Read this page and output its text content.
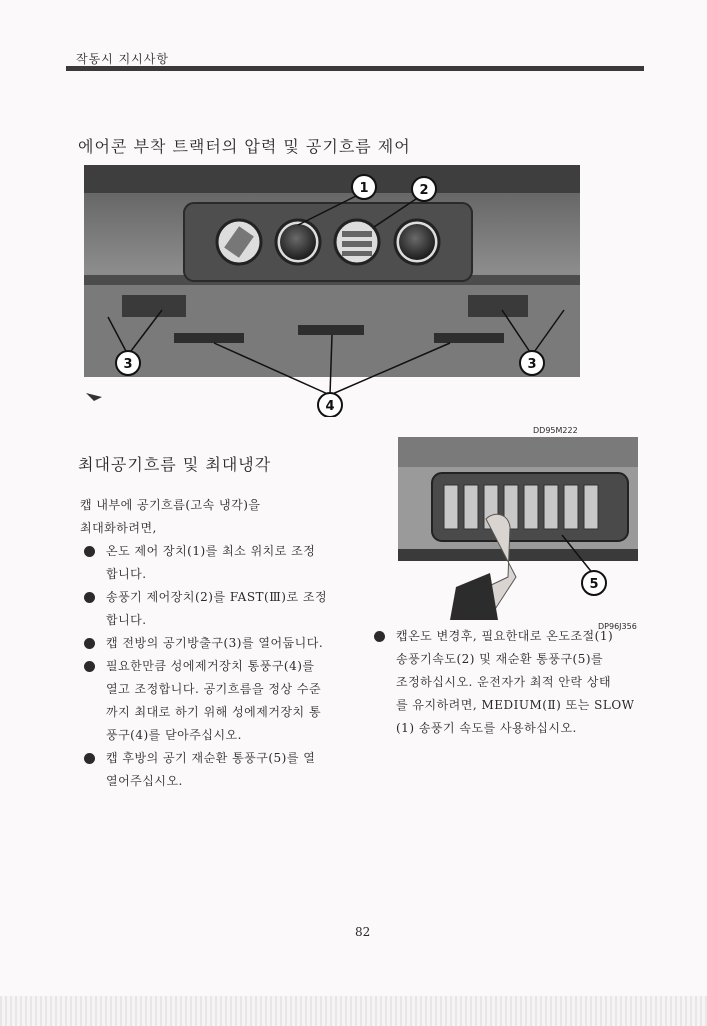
작동시 지시사항
에어콘 부착 트랙터의 압력 및 공기흐름 제어
1	2
3	3
4
DD95M222
최대공기흐름 및 최대냉각
5
DP96J356

캡 내부에 공기흐름(고속 냉각)을

최대화하려면,

온도 제어 장치(1)를 최소 위치로 조정
합니다.
송풍기 제어장치(2)를 FAST(Ⅲ)로 조정
합니다.
캡 전방의 공기방출구(3)를 열어둡니다.
필요한만큼 성에제거장치 통풍구(4)를
열고 조정합니다. 공기흐름을 정상 수준
까지 최대로 하기 위해 성에제거장치 통
풍구(4)를 닫아주십시오.
캡 후방의 공기 재순환 통풍구(5)를 열
열어주십시오.
캡온도 변경후, 필요한대로 온도조절(1)
송풍기속도(2) 및 재순환 통풍구(5)를
조정하십시오. 운전자가 최적 안락 상태
를 유지하려면, MEDIUM(Ⅱ) 또는 SLOW
(1) 송풍기 속도를 사용하십시오.
82
